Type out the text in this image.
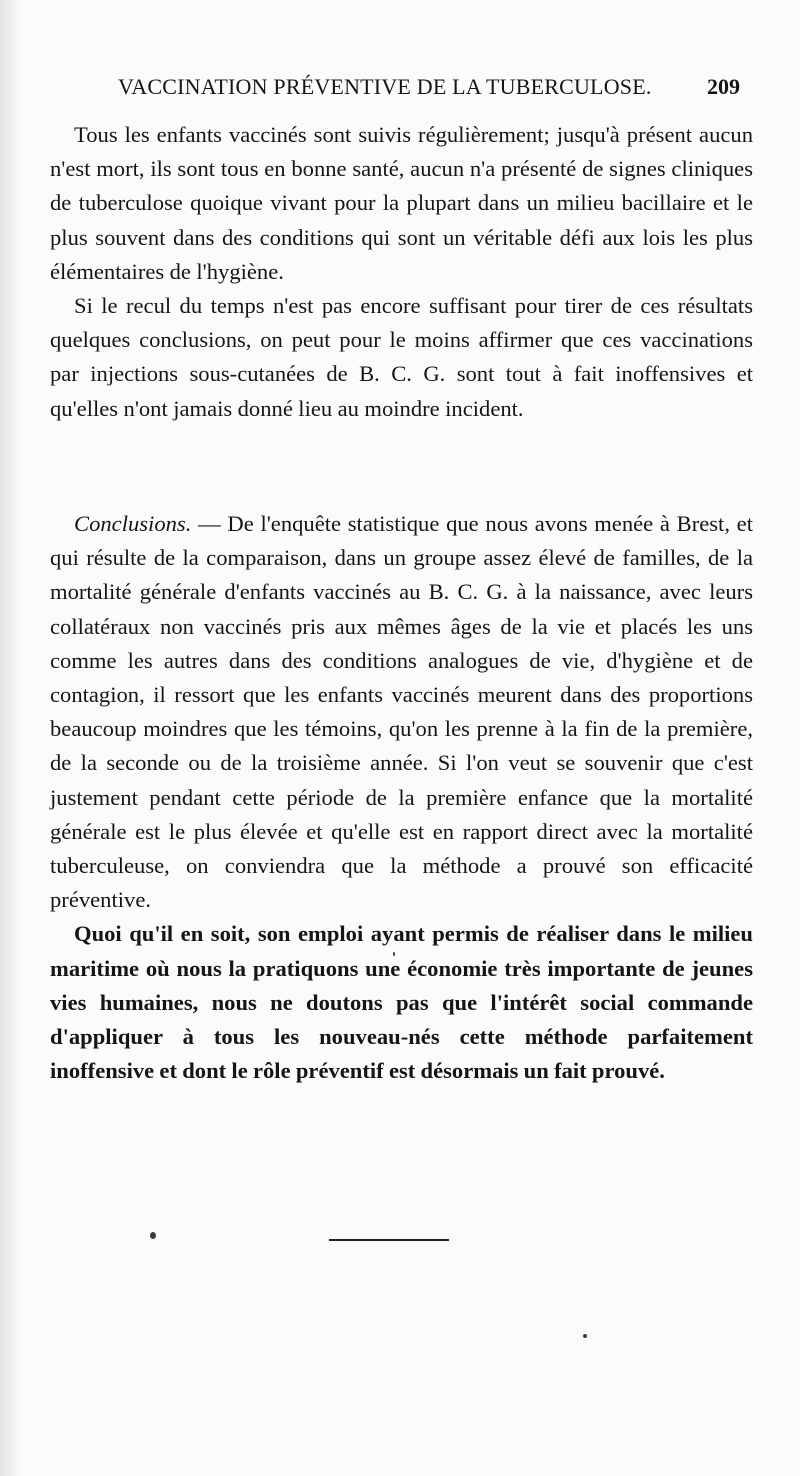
VACCINATION PRÉVENTIVE DE LA TUBERCULOSE.	209

Tous les enfants vaccinés sont suivis régulièrement; jusqu'à présent aucun n'est mort, ils sont tous en bonne santé, aucun n'a présenté de signes cliniques de tuberculose quoique vivant pour la plupart dans un milieu bacillaire et le plus souvent dans des conditions qui sont un véritable défi aux lois les plus élémentaires de l'hygiène.

Si le recul du temps n'est pas encore suffisant pour tirer de ces résultats quelques conclusions, on peut pour le moins affirmer que ces vaccinations par injections sous-cutanées de B. C. G. sont tout à fait inoffensives et qu'elles n'ont jamais donné lieu au moindre incident.

Conclusions. — De l'enquête statistique que nous avons menée à Brest, et qui résulte de la comparaison, dans un groupe assez élevé de familles, de la mortalité générale d'enfants vaccinés au B. C. G. à la naissance, avec leurs collatéraux non vaccinés pris aux mêmes âges de la vie et placés les uns comme les autres dans des conditions analogues de vie, d'hygiène et de contagion, il ressort que les enfants vaccinés meurent dans des proportions beaucoup moindres que les témoins, qu'on les prenne à la fin de la première, de la seconde ou de la troisième année. Si l'on veut se souvenir que c'est justement pendant cette période de la première enfance que la mortalité générale est le plus élevée et qu'elle est en rapport direct avec la mortalité tuberculeuse, on conviendra que la méthode a prouvé son efficacité préventive.

Quoi qu'il en soit, son emploi ayant permis de réaliser dans le milieu maritime où nous la pratiquons une économie très importante de jeunes vies humaines, nous ne doutons pas que l'intérêt social commande d'appliquer à tous les nouveau-nés cette méthode parfaitement inoffensive et dont le rôle préventif est désormais un fait prouvé.
